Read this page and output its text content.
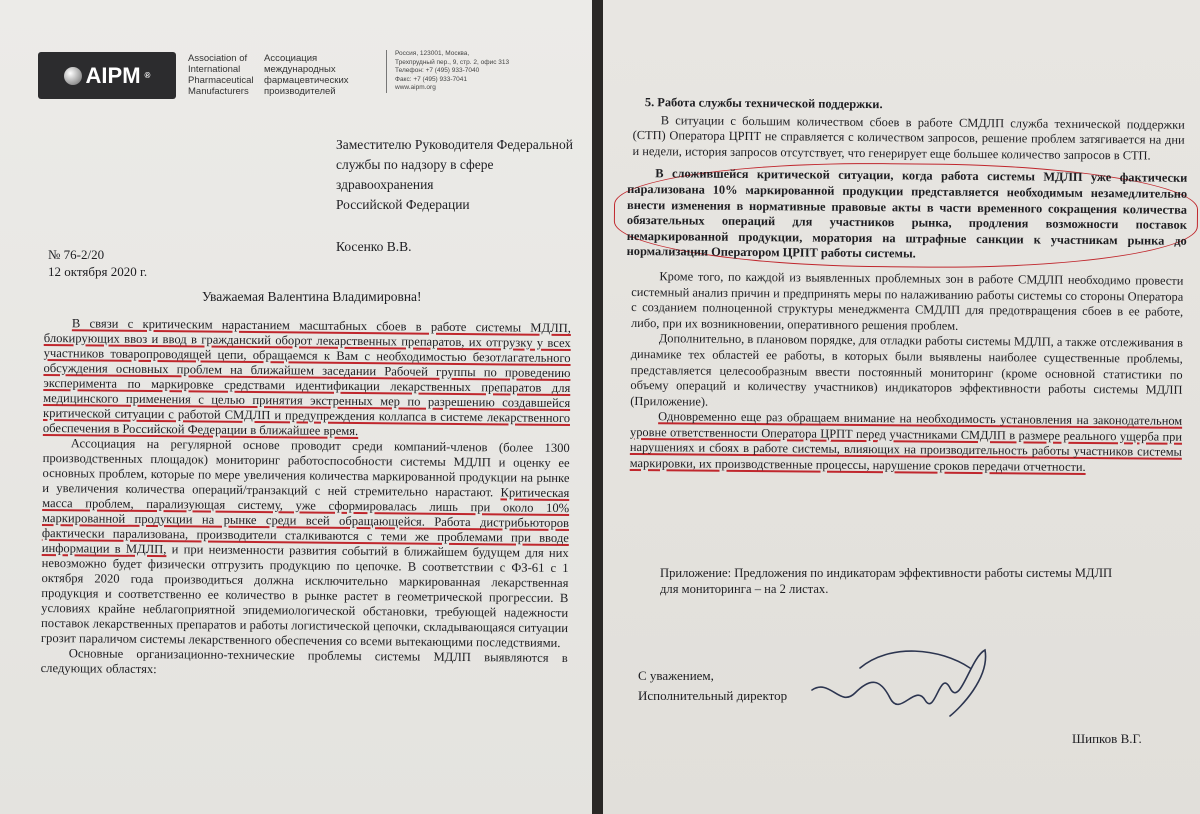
AIPM ®
Association of
International
Pharmaceutical
Manufacturers
Ассоциация
международных
фармацевтических
производителей
Россия, 123001, Москва,
Трехпрудный пер., 9, стр. 2, офис 313
Телефон: +7 (495) 933-7040
Факс: +7 (495) 933-7041
www.aipm.org
Заместителю Руководителя Федеральной
службы по надзору в сфере
здравоохранения
Российской Федерации
Косенко В.В.
№ 76-2/20
12 октября 2020 г.
Уважаемая Валентина Владимировна!

В связи с критическим нарастанием масштабных сбоев в работе системы МДЛП, блокирующих ввоз и ввод в гражданский оборот лекарственных препаратов, их отгрузку у всех участников товаропроводящей цепи, обращаемся к Вам с необходимостью безотлагательного обсуждения основных проблем на ближайшем заседании Рабочей группы по проведению эксперимента по маркировке средствами идентификации лекарственных препаратов для медицинского применения с целью принятия экстренных мер по разрешению создавшейся критической ситуации с работой СМДЛП и предупреждения коллапса в системе лекарственного обеспечения в Российской Федерации в ближайшее время.

Ассоциация на регулярной основе проводит среди компаний-членов (более 1300 производственных площадок) мониторинг работоспособности системы МДЛП и оценку ее основных проблем, которые по мере увеличения количества маркированной продукции на рынке и увеличения количества операций/транзакций с ней стремительно нарастают. Критическая масса проблем, парализующая систему, уже сформировалась лишь при около 10% маркированной продукции на рынке среди всей обращающейся. Работа дистрибьюторов фактически парализована, производители сталкиваются с теми же проблемами при вводе информации в МДЛП, и при неизменности развития событий в ближайшем будущем для них невозможно будет физически отгрузить продукцию по цепочке. В соответствии с ФЗ-61 с 1 октября 2020 года производиться должна исключительно маркированная лекарственная продукция и соответственно ее количество в рынке растет в геометрической прогрессии. В условиях крайне неблагоприятной эпидемиологической обстановки, требующей надежности поставок лекарственных препаратов и работы логистической цепочки, складывающаяся ситуации грозит параличом системы лекарственного обеспечения со всеми вытекающими последствиями.

Основные организационно-технические проблемы системы МДЛП выявляются в следующих областях:

5. Работа службы технической поддержки.

В ситуации с большим количеством сбоев в работе СМДЛП служба технической поддержки (СТП) Оператора ЦРПТ не справляется с количеством запросов, решение проблем затягивается на дни и недели, история запросов отсутствует, что генерирует еще большее количество запросов в СТП.

В сложившейся критической ситуации, когда работа системы МДЛП уже фактически парализована 10% маркированной продукции представляется необходимым незамедлительно внести изменения в нормативные правовые акты в части временного сокращения количества обязательных операций для участников рынка, продления возможности поставок немаркированной продукции, моратория на штрафные санкции к участникам рынка до нормализации Оператором ЦРПТ работы системы.

Кроме того, по каждой из выявленных проблемных зон в работе СМДЛП необходимо провести системный анализ причин и предпринять меры по налаживанию работы системы со стороны Оператора с созданием полноценной структуры менеджмента СМДЛП для предотвращения сбоев в ее работе, либо, при их возникновении, оперативного решения проблем.

Дополнительно, в плановом порядке, для отладки работы системы МДЛП, а также отслеживания в динамике тех областей ее работы, в которых были выявлены наиболее существенные проблемы, представляется целесообразным ввести постоянный мониторинг (кроме основной статистики по объему операций и количеству участников) индикаторов эффективности работы системы МДЛП (Приложение).

Одновременно еще раз обращаем внимание на необходимость установления на законодательном уровне ответственности Оператора ЦРПТ перед участниками СМДЛП в размере реального ущерба при нарушениях и сбоях в работе системы, влияющих на производительность работы участников системы маркировки, их производственные процессы, нарушение сроков передачи отчетности.

Приложение: Предложения по индикаторам эффективности работы системы МДЛП для мониторинга – на 2 листах.
С уважением,
Исполнительный директор
Шипков В.Г.
